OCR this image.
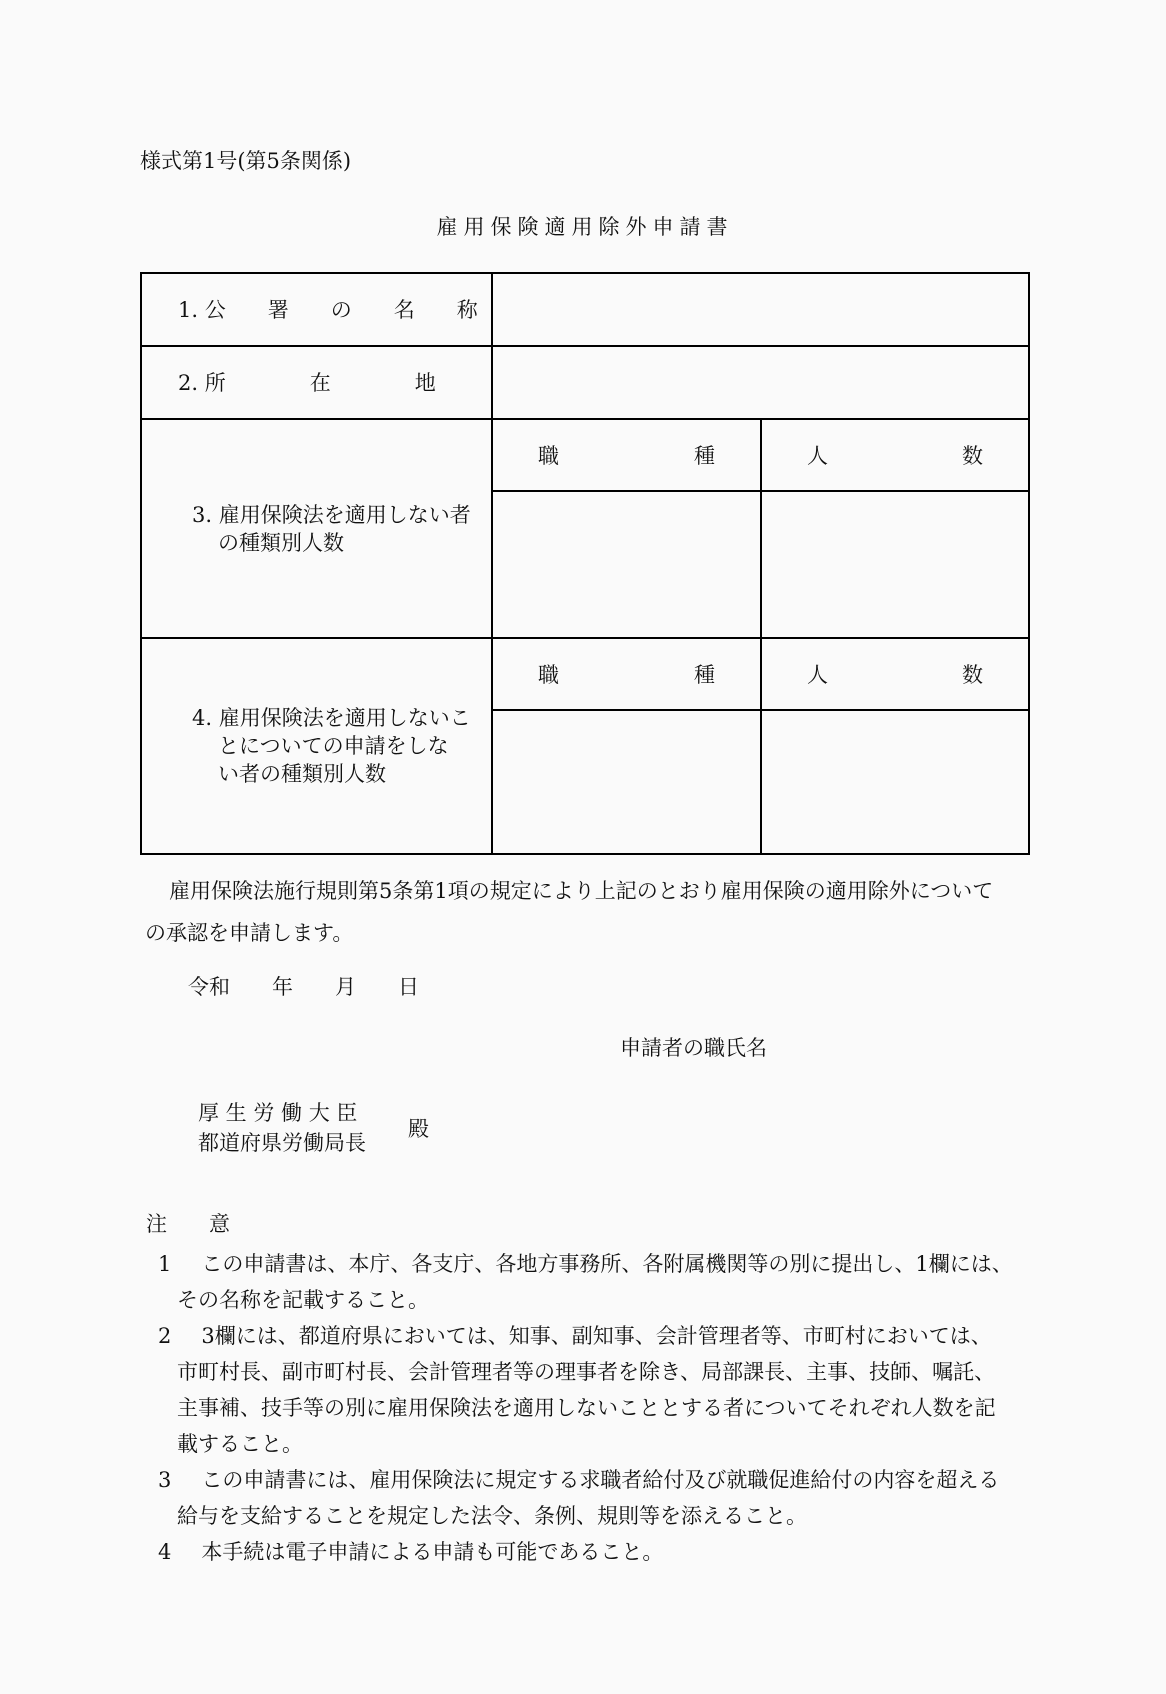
様式第1号(第5条関係)
雇用保険適用除外申請書
1. 公　　署　　の　　名　　称
2. 所　　　　在　　　　地
3. 雇用保険法を適用しない者
の種類別人数
職	種	人	数
4. 雇用保険法を適用しないこ
とについての申請をしな
い者の種類別人数
職	種	人	数
雇用保険法施行規則第5条第1項の規定により上記のとおり雇用保険の適用除外について
の承認を申請します。
令和　　年　　月　　日
申請者の職氏名
厚 生 労 働 大 臣
都道府県労働局長
殿
注　　意
1 この申請書は、本庁、各支庁、各地方事務所、各附属機関等の別に提出し、1欄には、
その名称を記載すること。
2 3欄には、都道府県においては、知事、副知事、会計管理者等、市町村においては、
市町村長、副市町村長、会計管理者等の理事者を除き、局部課長、主事、技師、嘱託、
主事補、技手等の別に雇用保険法を適用しないこととする者についてそれぞれ人数を記
載すること。
3 この申請書には、雇用保険法に規定する求職者給付及び就職促進給付の内容を超える
給与を支給することを規定した法令、条例、規則等を添えること。
4 本手続は電子申請による申請も可能であること。
